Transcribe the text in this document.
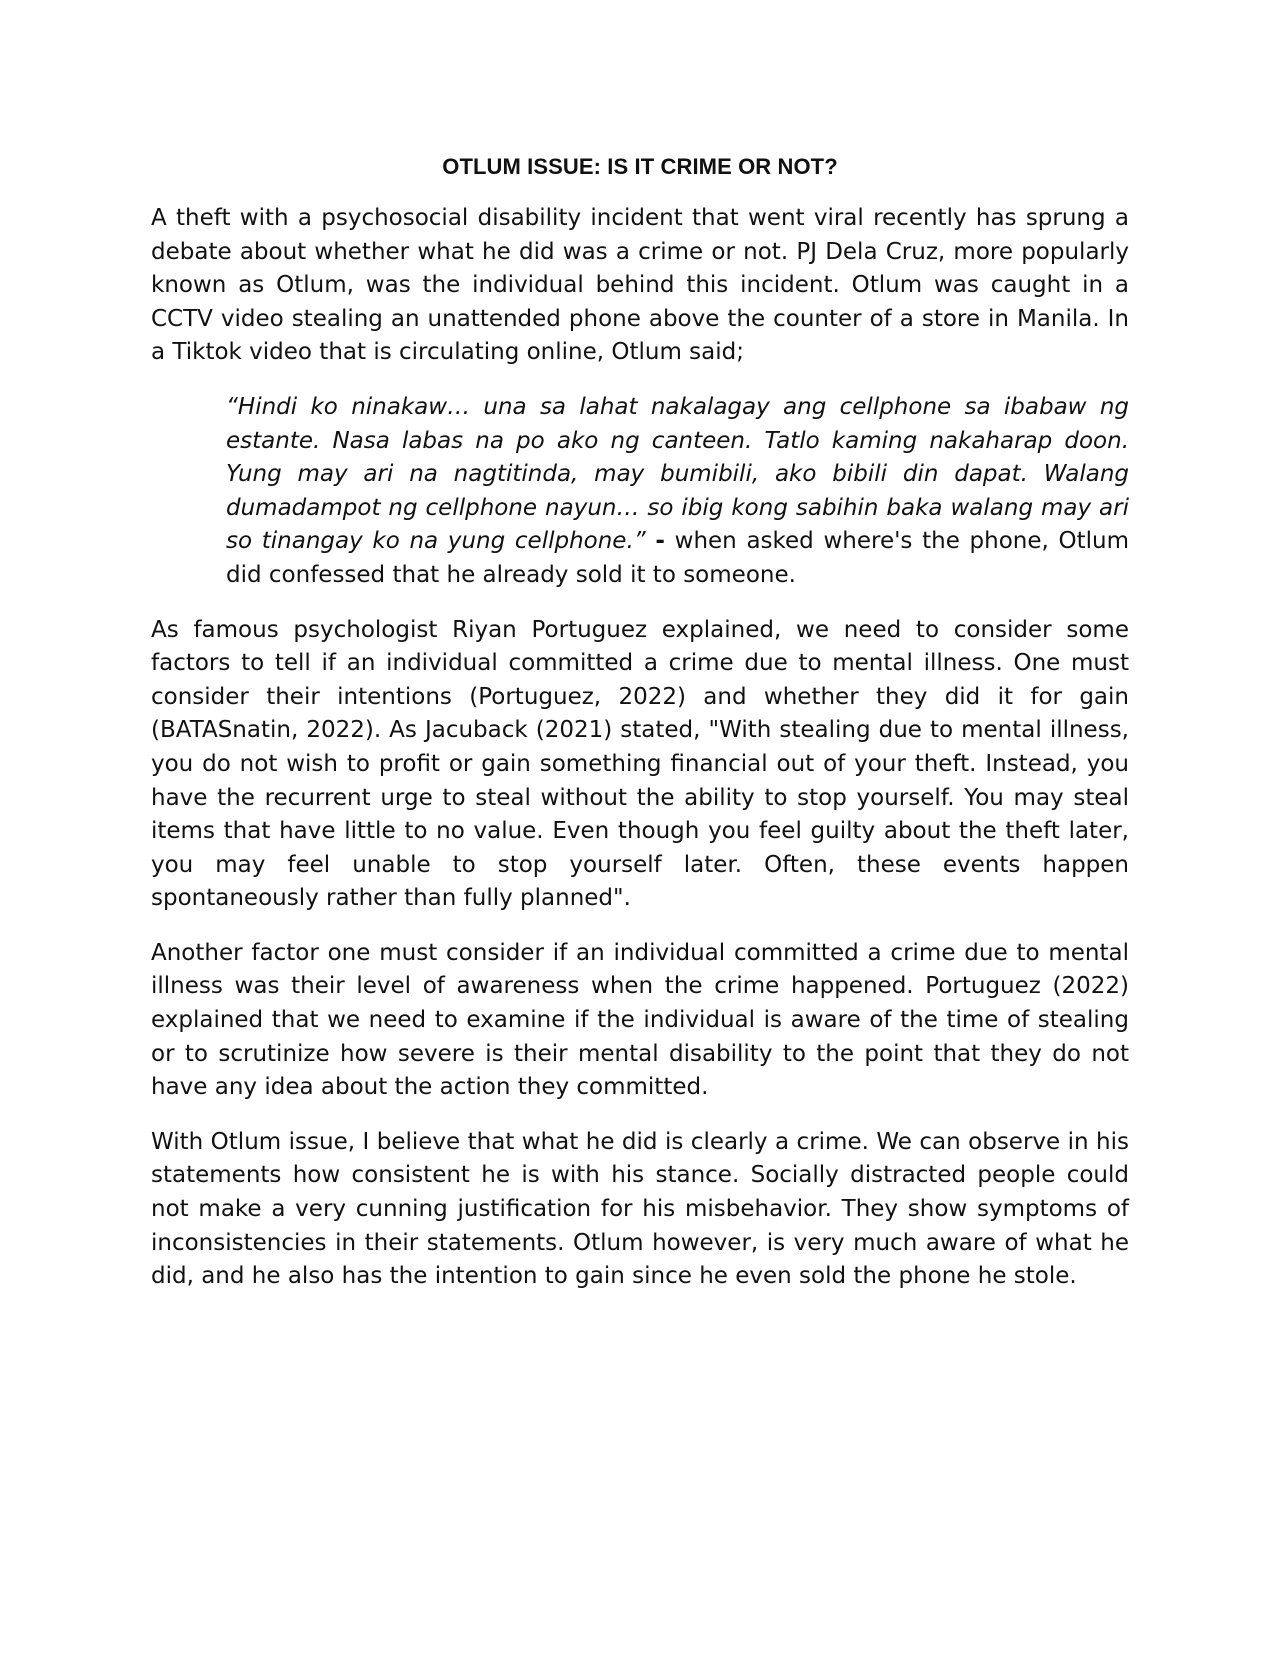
OTLUM ISSUE: IS IT CRIME OR NOT?

A theft with a psychosocial disability incident that went viral recently has sprung a debate about whether what he did was a crime or not. PJ Dela Cruz, more popularly known as Otlum, was the individual behind this incident. Otlum was caught in a CCTV video stealing an unattended phone above the counter of a store in Manila. In a Tiktok video that is circulating online, Otlum said;

“Hindi ko ninakaw… una sa lahat nakalagay ang cellphone sa ibabaw ng estante. Nasa labas na po ako ng canteen. Tatlo kaming nakaharap doon. Yung may ari na nagtitinda, may bumibili, ako bibili din dapat. Walang dumadampot ng cellphone nayun… so ibig kong sabihin baka walang may ari so tinangay ko na yung cellphone.” - when asked where's the phone, Otlum did confessed that he already sold it to someone.

As famous psychologist Riyan Portuguez explained, we need to consider some factors to tell if an individual committed a crime due to mental illness. One must consider their intentions (Portuguez, 2022) and whether they did it for gain (BATASnatin, 2022). As Jacuback (2021) stated, "With stealing due to mental illness, you do not wish to profit or gain something financial out of your theft. Instead, you have the recurrent urge to steal without the ability to stop yourself. You may steal items that have little to no value. Even though you feel guilty about the theft later, you may feel unable to stop yourself later. Often, these events happen spontaneously rather than fully planned".

Another factor one must consider if an individual committed a crime due to mental illness was their level of awareness when the crime happened. Portuguez (2022) explained that we need to examine if the individual is aware of the time of stealing or to scrutinize how severe is their mental disability to the point that they do not have any idea about the action they committed.

With Otlum issue, I believe that what he did is clearly a crime. We can observe in his statements how consistent he is with his stance. Socially distracted people could not make a very cunning justification for his misbehavior. They show symptoms of inconsistencies in their statements. Otlum however, is very much aware of what he did, and he also has the intention to gain since he even sold the phone he stole.
